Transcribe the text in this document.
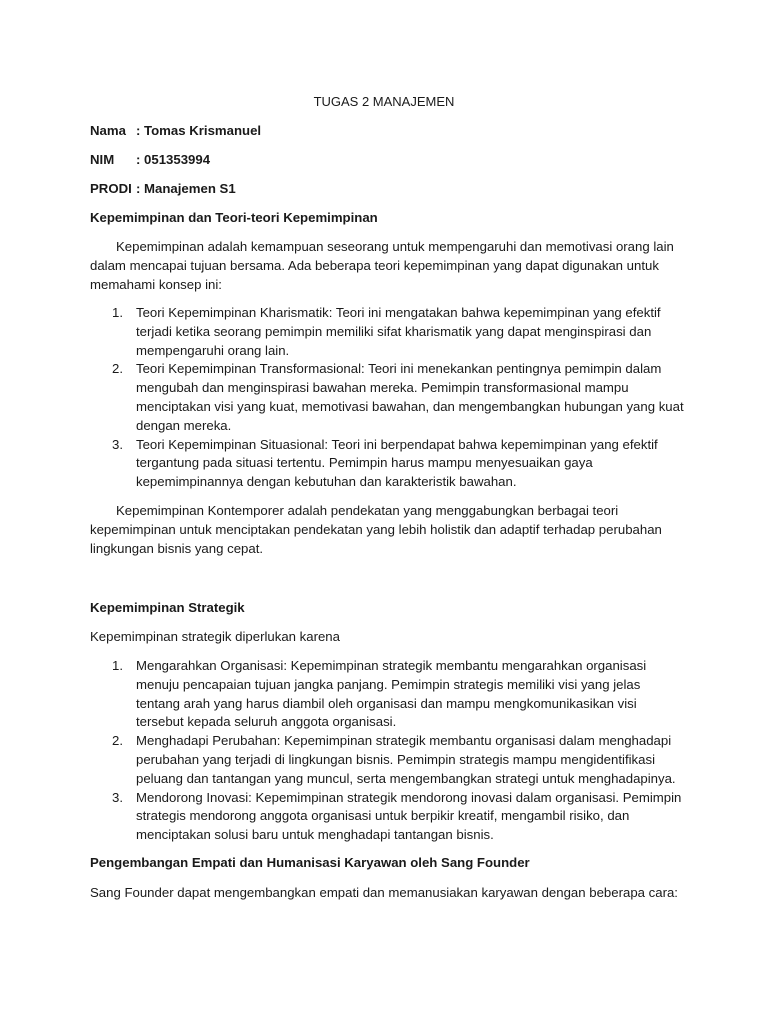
TUGAS 2 MANAJEMEN
Nama : Tomas Krismanuel
NIM : 051353994
PRODI : Manajemen S1
Kepemimpinan dan Teori-teori Kepemimpinan
Kepemimpinan adalah kemampuan seseorang untuk mempengaruhi dan memotivasi orang lain dalam mencapai tujuan bersama. Ada beberapa teori kepemimpinan yang dapat digunakan untuk memahami konsep ini:
1. Teori Kepemimpinan Kharismatik: Teori ini mengatakan bahwa kepemimpinan yang efektif terjadi ketika seorang pemimpin memiliki sifat kharismatik yang dapat menginspirasi dan mempengaruhi orang lain.
2. Teori Kepemimpinan Transformasional: Teori ini menekankan pentingnya pemimpin dalam mengubah dan menginspirasi bawahan mereka. Pemimpin transformasional mampu menciptakan visi yang kuat, memotivasi bawahan, dan mengembangkan hubungan yang kuat dengan mereka.
3. Teori Kepemimpinan Situasional: Teori ini berpendapat bahwa kepemimpinan yang efektif tergantung pada situasi tertentu. Pemimpin harus mampu menyesuaikan gaya kepemimpinannya dengan kebutuhan dan karakteristik bawahan.
Kepemimpinan Kontemporer adalah pendekatan yang menggabungkan berbagai teori kepemimpinan untuk menciptakan pendekatan yang lebih holistik dan adaptif terhadap perubahan lingkungan bisnis yang cepat.
Kepemimpinan Strategik
Kepemimpinan strategik diperlukan karena
1. Mengarahkan Organisasi: Kepemimpinan strategik membantu mengarahkan organisasi menuju pencapaian tujuan jangka panjang. Pemimpin strategis memiliki visi yang jelas tentang arah yang harus diambil oleh organisasi dan mampu mengkomunikasikan visi tersebut kepada seluruh anggota organisasi.
2. Menghadapi Perubahan: Kepemimpinan strategik membantu organisasi dalam menghadapi perubahan yang terjadi di lingkungan bisnis. Pemimpin strategis mampu mengidentifikasi peluang dan tantangan yang muncul, serta mengembangkan strategi untuk menghadapinya.
3. Mendorong Inovasi: Kepemimpinan strategik mendorong inovasi dalam organisasi. Pemimpin strategis mendorong anggota organisasi untuk berpikir kreatif, mengambil risiko, dan menciptakan solusi baru untuk menghadapi tantangan bisnis.
Pengembangan Empati dan Humanisasi Karyawan oleh Sang Founder
Sang Founder dapat mengembangkan empati dan memanusiakan karyawan dengan beberapa cara:
